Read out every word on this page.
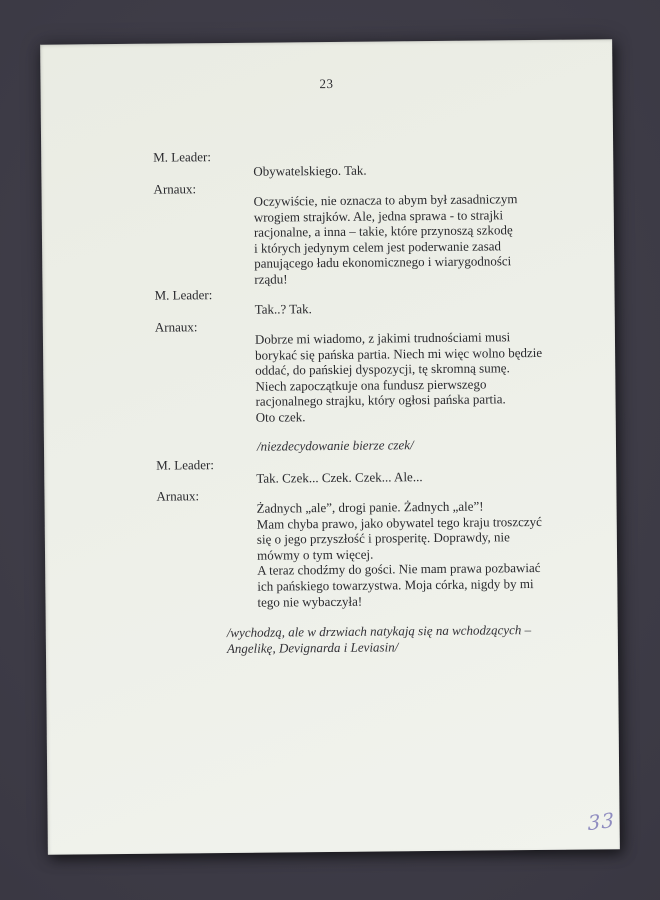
23
M. Leader:
Obywatelskiego. Tak.
Arnaux:
Oczywiście, nie oznacza to abym był zasadniczym
wrogiem strajków. Ale, jedna sprawa - to strajki
racjonalne, a inna – takie, które przynoszą szkodę
i których jedynym celem jest poderwanie zasad
panującego ładu ekonomicznego i wiarygodności
rządu!
M. Leader:
Tak..? Tak.
Arnaux:
Dobrze mi wiadomo, z jakimi trudnościami musi
borykać się pańska partia. Niech mi więc wolno będzie
oddać, do pańskiej dyspozycji, tę skromną sumę.
Niech zapoczątkuje ona fundusz pierwszego
racjonalnego strajku, który ogłosi pańska partia.
Oto czek.
/niezdecydowanie bierze czek/
M. Leader:
Tak. Czek... Czek. Czek... Ale...
Arnaux:
Żadnych „ale”, drogi panie. Żadnych „ale”!
Mam chyba prawo, jako obywatel tego kraju troszczyć
się o jego przyszłość i prosperitę. Doprawdy, nie
mówmy o tym więcej.
A teraz chodźmy do gości. Nie mam prawa pozbawiać
ich pańskiego towarzystwa. Moja córka, nigdy by mi
tego nie wybaczyła!
/wychodzą, ale w drzwiach natykają się na wchodzących –
Angelikę, Devignarda i Leviasin/
33
